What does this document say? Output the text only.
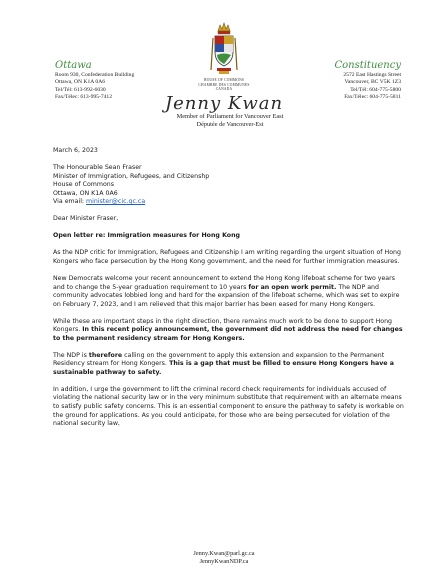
Ottawa
Room 930, Confederation Building
Ottawa, ON K1A 0A6
Tel/Tél: 613-992-6030
Fax/Télec: 613-995-7412
HOUSE OF COMMONS
CHAMBRE DES COMMUNES
CANADA
Constituency
2572 East Hastings Street
Vancouver, BC V5K 1Z3
Tel/Tél: 604-775-5800
Fax/Télec: 604-775-5811
Jenny Kwan
Member of Parliament for Vancouver East
Députée de Vancouver-Est

March 6, 2023

The Honourable Sean Fraser

Minister of Immigration, Refugees, and Citizenshp

House of Commons

Ottawa, ON K1A 0A6

Via email: minister@cic.gc.ca

Dear Minister Fraser,

Open letter re: Immigration measures for Hong Kong

As the NDP critic for Immigration, Refugees and Citizenship I am writing regarding the urgent situation of Hong Kongers who face persecution by the Hong Kong government, and the need for further immigration measures.

New Democrats welcome your recent announcement to extend the Hong Kong lifeboat scheme for two years and to change the 5-year graduation requirement to 10 years for an open work permit. The NDP and community advocates lobbied long and hard for the expansion of the lifeboat scheme, which was set to expire on February 7, 2023, and I am relieved that this major barrier has been eased for many Hong Kongers.

While these are important steps in the right direction, there remains much work to be done to support Hong Kongers. In this recent policy announcement, the government did not address the need for changes to the permanent residency stream for Hong Kongers.

The NDP is therefore calling on the government to apply this extension and expansion to the Permanent Residency stream for Hong Kongers. This is a gap that must be filled to ensure Hong Kongers have a sustainable pathway to safety.

In addition, I urge the government to lift the criminal record check requirements for individuals accused of violating the national security law or in the very minimum substitute that requirement with an alternate means to satisfy public safety concerns. This is an essential component to ensure the pathway to safety is workable on the ground for applications. As you could anticipate, for those who are being persecuted for violation of the national security law,

Jenny.Kwan@parl.gc.ca
JennyKwanNDP.ca
